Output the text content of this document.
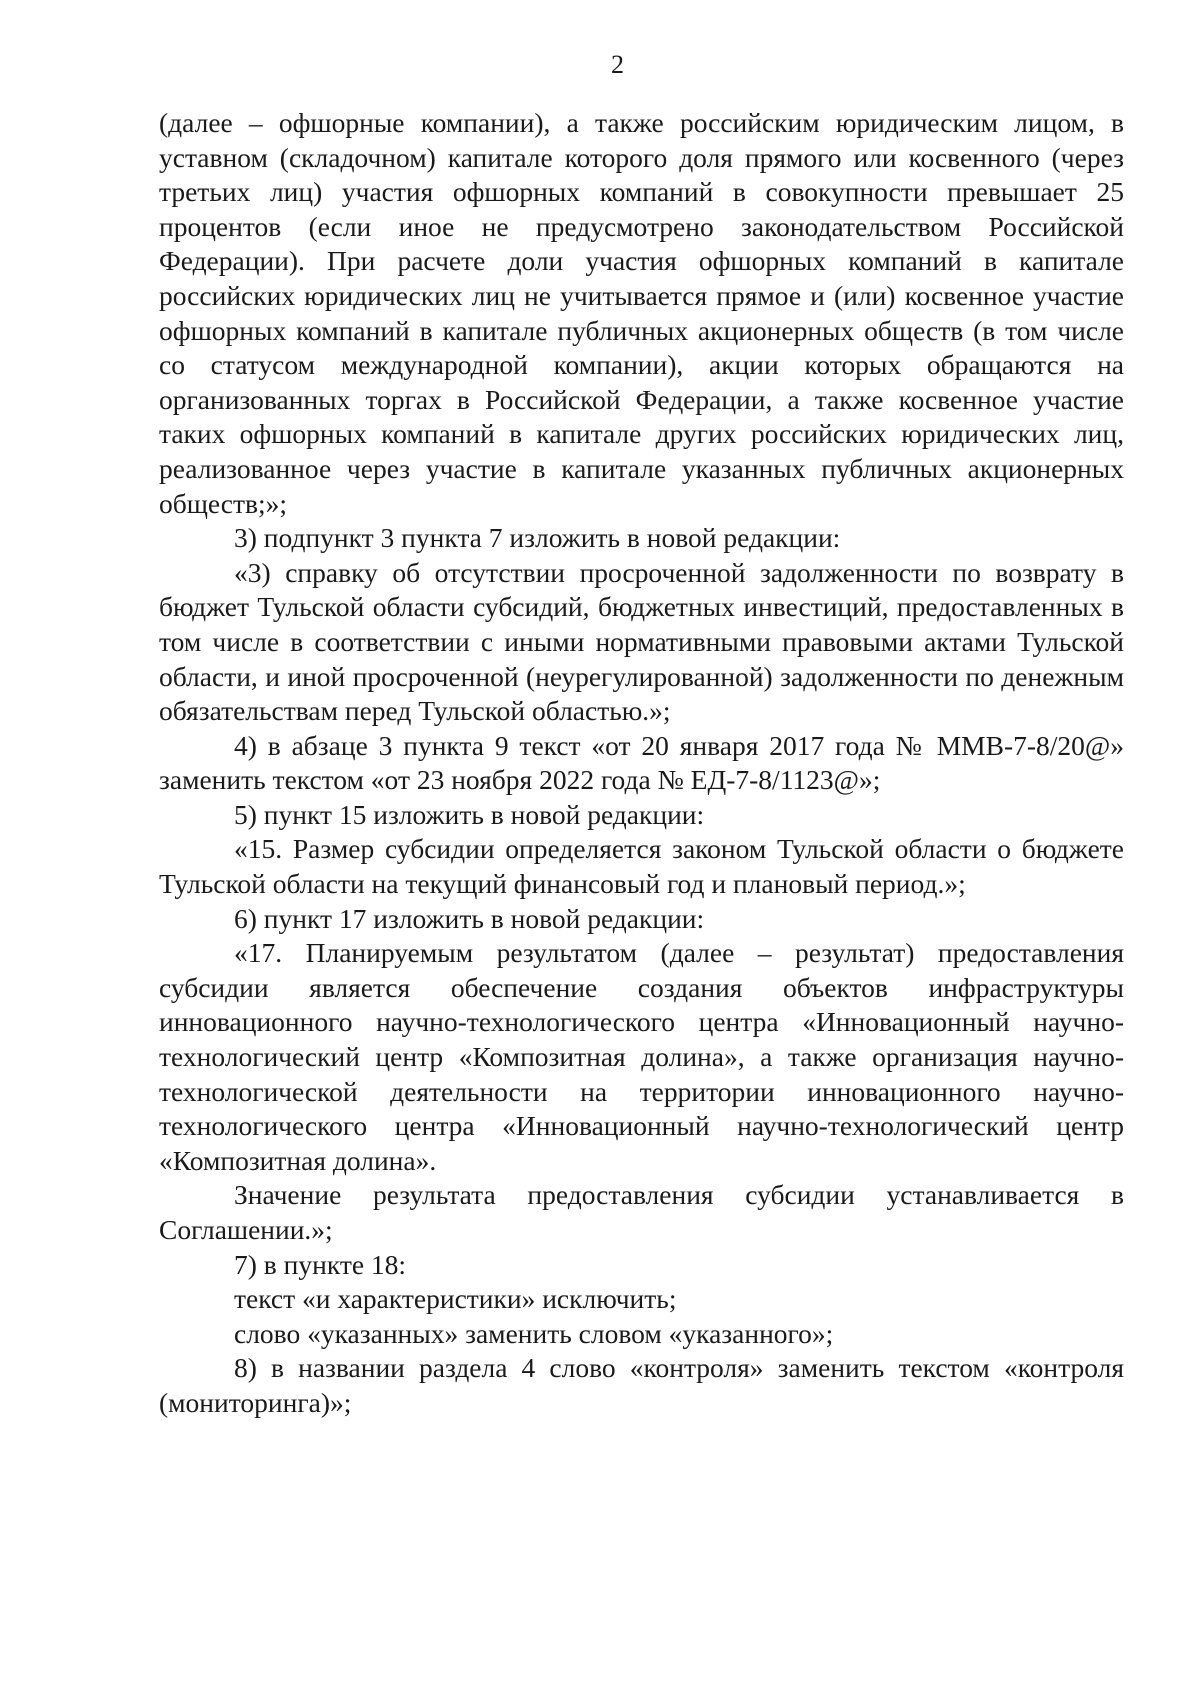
2

(далее – офшорные компании), а также российским юридическим лицом, в уставном (складочном) капитале которого доля прямого или косвенного (через третьих лиц) участия офшорных компаний в совокупности превышает 25 процентов (если иное не предусмотрено законодательством Российской Федерации). При расчете доли участия офшорных компаний в капитале российских юридических лиц не учитывается прямое и (или) косвенное участие офшорных компаний в капитале публичных акционерных обществ (в том числе со статусом международной компании), акции которых обращаются на организованных торгах в Российской Федерации, а также косвенное участие таких офшорных компаний в капитале других российских юридических лиц, реализованное через участие в капитале указанных публичных акционерных обществ;»;

3) подпункт 3 пункта 7 изложить в новой редакции:

«3) справку об отсутствии просроченной задолженности по возврату в бюджет Тульской области субсидий, бюджетных инвестиций, предоставленных в том числе в соответствии с иными нормативными правовыми актами Тульской области, и иной просроченной (неурегулированной) задолженности по денежным обязательствам перед Тульской областью.»;

4) в абзаце 3 пункта 9 текст «от 20 января 2017 года № ММВ-7-8/20@» заменить текстом «от 23 ноября 2022 года № ЕД-7-8/1123@»;

5) пункт 15 изложить в новой редакции:

«15. Размер субсидии определяется законом Тульской области о бюджете Тульской области на текущий финансовый год и плановый период.»;

6) пункт 17 изложить в новой редакции:

«17. Планируемым результатом (далее – результат) предоставления субсидии является обеспечение создания объектов инфраструктуры инновационного научно-технологического центра «Инновационный научно-технологический центр «Композитная долина», а также организация научно-технологической деятельности на территории инновационного научно-технологического центра «Инновационный научно-технологический центр «Композитная долина».

Значение результата предоставления субсидии устанавливается в Соглашении.»;

7) в пункте 18:

текст «и характеристики» исключить;

слово «указанных» заменить словом «указанного»;

8) в названии раздела 4 слово «контроля» заменить текстом «контроля (мониторинга)»;
